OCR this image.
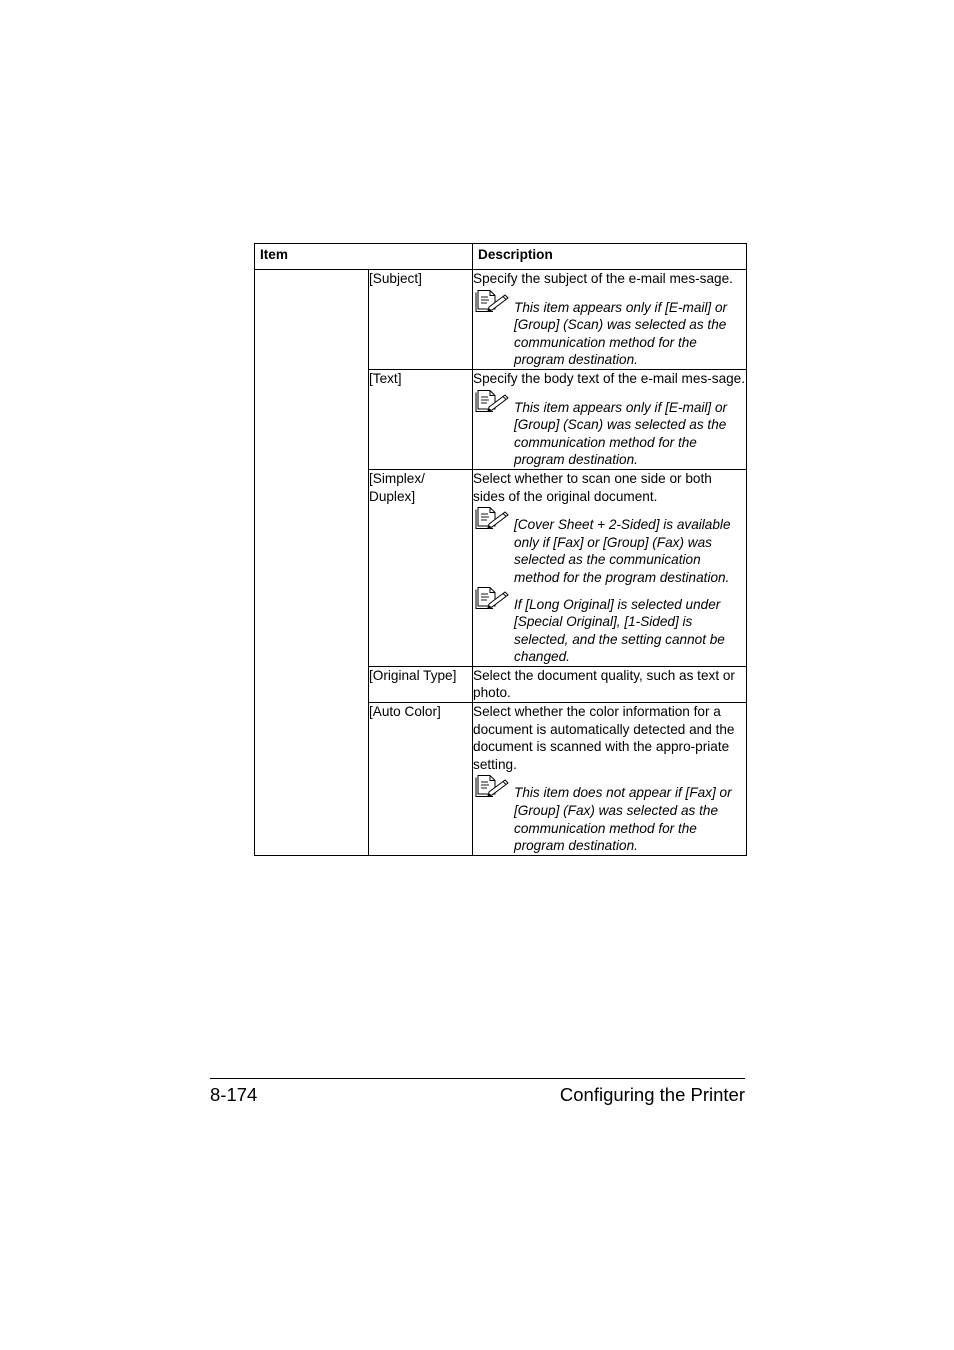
Item		Description
	[Subject]	Specify the subject of the e-mail mes-sage.
This item appears only if [E-mail] or [Group] (Scan) was selected as the communication method for the program destination.

	[Text]	Specify the body text of the e-mail mes-sage.
This item appears only if [E-mail] or [Group] (Scan) was selected as the communication method for the program destination.

	[Simplex/ Duplex]	Select whether to scan one side or both sides of the original document.
[Cover Sheet + 2-Sided] is available only if [Fax] or [Group] (Fax) was selected as the communication method for the program destination.
If [Long Original] is selected under [Special Original], [1-Sided] is selected, and the setting cannot be changed.

	[Original Type]	Select the document quality, such as text or photo.

	[Auto Color]	Select whether the color information for a document is automatically detected and the document is scanned with the appro-priate setting.
This item does not appear if [Fax] or [Group] (Fax) was selected as the communication method for the program destination.
8-174	Configuring the Printer
